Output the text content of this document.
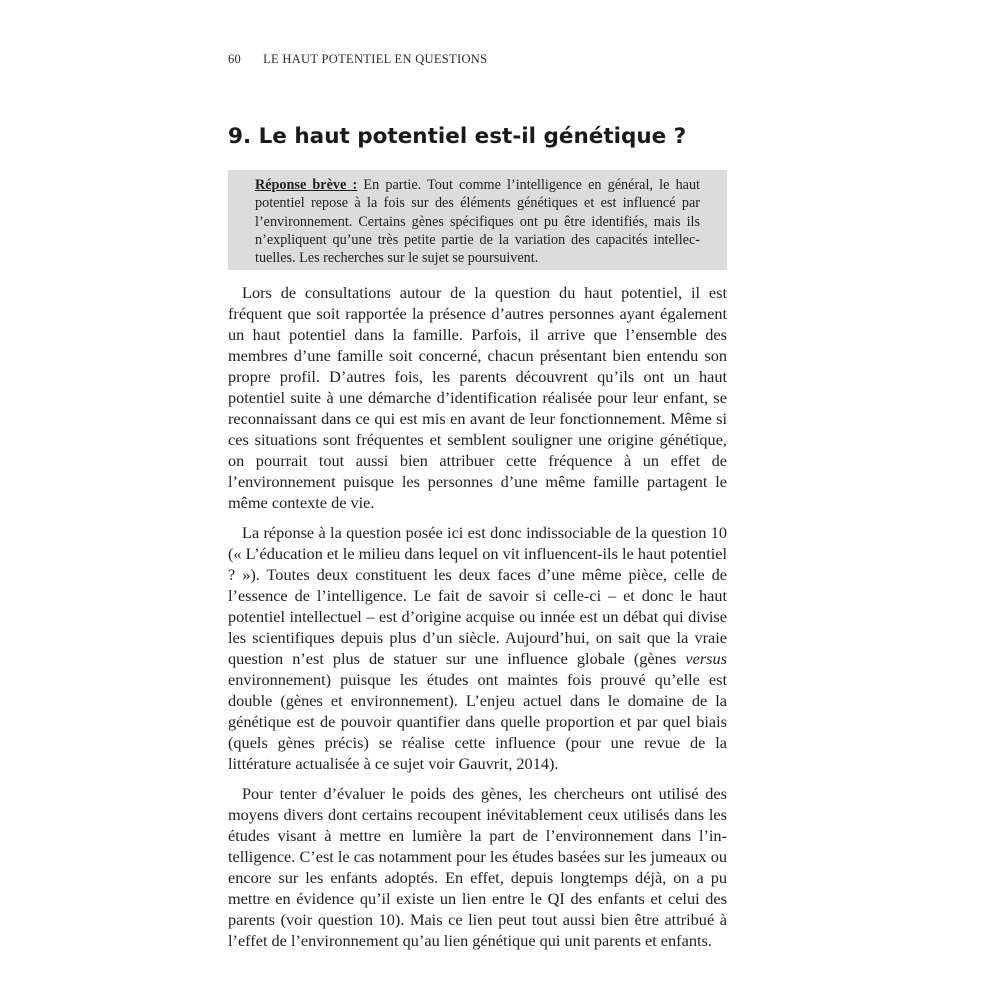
60 LE HAUT POTENTIEL EN QUESTIONS
9. Le haut potentiel est-il génétique ?

Réponse brève : En partie. Tout comme l’intelligence en général, le haut potentiel repose à la fois sur des éléments génétiques et est influencé par l’environnement. Certains gènes spécifiques ont pu être identifiés, mais ils n’expliquent qu’une très petite partie de la variation des capacités intellectuelles. Les recherches sur le sujet se poursuivent.

Lors de consultations autour de la question du haut potentiel, il est fréquent que soit rapportée la présence d’autres personnes ayant également un haut potentiel dans la famille. Parfois, il arrive que l’ensemble des membres d’une famille soit concerné, chacun présentant bien entendu son propre profil. D’autres fois, les parents découvrent qu’ils ont un haut potentiel suite à une démarche d’identification réalisée pour leur enfant, se reconnaissant dans ce qui est mis en avant de leur fonctionnement. Même si ces situations sont fréquentes et semblent souligner une origine génétique, on pourrait tout aussi bien attribuer cette fréquence à un effet de l’environnement puisque les personnes d’une même famille partagent le même contexte de vie.

La réponse à la question posée ici est donc indissociable de la question 10 (« L’éducation et le milieu dans lequel on vit influencent-ils le haut potentiel ? »). Toutes deux constituent les deux faces d’une même pièce, celle de l’essence de l’intelligence. Le fait de savoir si celle-ci – et donc le haut potentiel intellectuel – est d’origine acquise ou innée est un débat qui divise les scientifiques depuis plus d’un siècle. Aujourd’hui, on sait que la vraie question n’est plus de statuer sur une influence globale (gènes versus environnement) puisque les études ont maintes fois prouvé qu’elle est double (gènes et environnement). L’enjeu actuel dans le domaine de la génétique est de pouvoir quantifier dans quelle proportion et par quel biais (quels gènes précis) se réalise cette influence (pour une revue de la littérature actualisée à ce sujet voir Gauvrit, 2014).

Pour tenter d’évaluer le poids des gènes, les chercheurs ont utilisé des moyens divers dont certains recoupent inévitablement ceux utilisés dans les études visant à mettre en lumière la part de l’environnement dans l’intelligence. C’est le cas notamment pour les études basées sur les jumeaux ou encore sur les enfants adoptés. En effet, depuis longtemps déjà, on a pu mettre en évidence qu’il existe un lien entre le QI des enfants et celui des parents (voir question 10). Mais ce lien peut tout aussi bien être attribué à l’effet de l’environnement qu’au lien génétique qui unit parents et enfants.
